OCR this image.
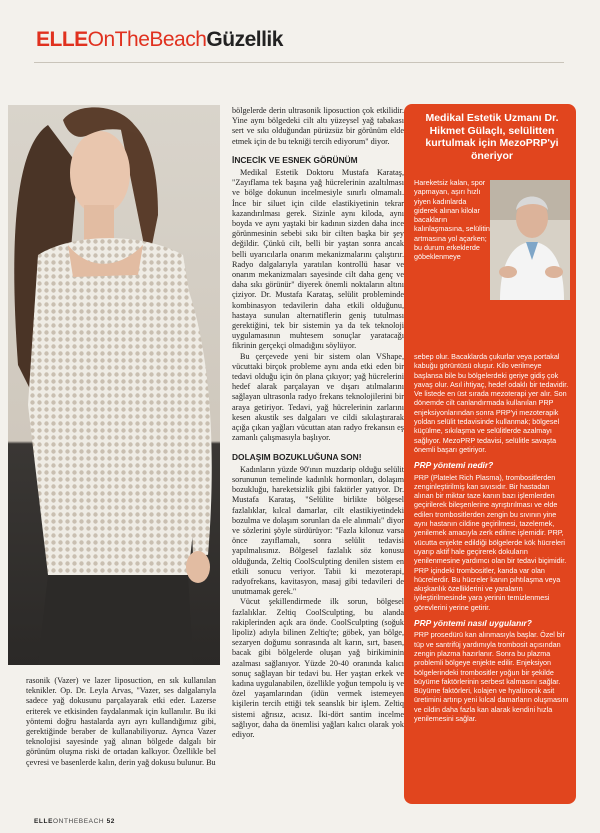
ELLEOnTheBeachGüzellik

rasonik (Vazer) ve lazer liposuction, en sık kullanılan teknikler. Op. Dr. Leyla Arvas, "Vazer, ses dalgalarıyla sadece yağ dokusunu parçalayarak etki eder. Lazerse eriterek ve etkisinden faydalanmak için kullanılır. Bu iki yöntemi doğru hastalarda ayrı ayrı kullandığımız gibi, gerektiğinde beraber de kullanabiliyoruz. Ayrıca Vazer teknolojisi sayesinde yağ alınan bölgede dalgalı bir görünüm oluşma riski de ortadan kalkıyor. Özellikle bel çevresi ve basenlerde kalın, derin yağ dokusu bulunur. Bu

bölgelerde derin ultrasonik liposuction çok etkilidir. Yine aynı bölgedeki cilt altı yüzeysel yağ tabakası sert ve sıkı olduğundan pürüzsüz bir görünüm elde etmek için de bu tekniği tercih ediyorum" diyor.

İNCECİK VE ESNEK GÖRÜNÜM

Medikal Estetik Doktoru Mustafa Karataş, "Zayıflama tek başına yağ hücrelerinin azaltılması ve bölge dokunun incelmesiyle sınırlı olmamalı. İnce bir siluet için cilde elastikiyetinin tekrar kazandırılması gerek. Sizinle aynı kiloda, aynı boyda ve aynı yaştaki bir kadının sizden daha ince görünmesinin sebebi sıkı bir cilten başka bir şey değildir. Çünkü cilt, belli bir yaştan sonra ancak belli uyarıcılarla onarım mekanizmalarını çalıştırır. Radyo dalgalarıyla yaratılan kontrollü hasar ve onarım mekanizmaları sayesinde cilt daha genç ve daha sıkı görünür" diyerek önemli noktaların altını çiziyor. Dr. Mustafa Karataş, selülit probleminde kombinasyon tedavilerin daha etkili olduğunu, hastaya sunulan alternatiflerin geniş tutulması gerektiğini, tek bir sistemin ya da tek teknoloji uygulamasının muhtesem sonuçlar yaratacağı fikrinin gerçekçi olmadığını söylüyor.

Bu çerçevede yeni bir sistem olan VShape, vücuttaki birçok probleme aynı anda etki eden bir tedavi olduğu için ön plana çıkıyor; yağ hücrelerini hedef alarak parçalayan ve dışarı atılmalarını sağlayan ultrasonla radyo frekans teknolojilerini bir araya getiriyor. Tedavi, yağ hücrelerinin zarlarını kesen akustik ses dalgaları ve cildi sıkılaştırarak açığa çıkan yağları vücuttan atan radyo frekansın eş zamanlı çalışmasıyla başlıyor.

DOLAŞIM BOZUKLUĞUNA SON!

Kadınların yüzde 90'ının muzdarip olduğu selülit sorununun temelinde kadınlık hormonları, dolaşım bozukluğu, hareketsizlik gibi faktörler yatıyor. Dr. Mustafa Karataş, "Selülite birlikte bölgesel fazlalıklar, kılcal damarlar, cilt elastikiyetindeki bozulma ve dolaşım sorunları da ele alınmalı" diyor ve sözlerini şöyle sürdürüyor: "Fazla kilonuz varsa önce zayıflamalı, sonra selülit tedavisi yapılmalısınız. Bölgesel fazlalık söz konusu olduğunda, Zeltiq CoolSculpting denilen sistem en etkili sonucu veriyor. Tabii ki mezoterapi, radyofrekans, kavitasyon, masaj gibi tedavileri de unutmamak gerek."

Vücut şekillendirmede ilk sorun, bölgesel fazlalıklar. Zeltiq CoolSculpting, bu alanda rakiplerinden açık ara önde. CoolSculpting (soğuk lipoliz) adıyla bilinen Zeltiq'te; göbek, yan bölge, sezaryen doğumu sonrasında alt karın, sırt, basen, bacak gibi bölgelerde oluşan yağ birikiminin azalması sağlanıyor. Yüzde 20-40 oranında kalıcı sonuç sağlayan bir tedavi bu. Her yaştan erkek ve kadına uygulanabilen, özellikle yoğun tempolu iş ve özel yaşamlarından (idün vermek istemeyen kişilerin tercih ettiği tek seanslık bir işlem. Zeltiq sistemi ağrısız, acısız. İki-dört santim incelme sağlıyor, daha da önemlisi yağları kalıcı olarak yok ediyor.

Medikal Estetik Uzmanı Dr. Hikmet Gülaçlı, selülitten kurtulmak için MezoPRP'yi öneriyor
Hareketsiz kalan, spor yapmayan, aşırı hızlı yiyen kadınlarda giderek alınan kilolar bacakların kalınlaşmasına, selülitin artmasına yol açarken; bu durum erkeklerde göbeklenmeye

sebep olur. Bacaklarda çukurlar veya portakal kabuğu görüntüsü oluşur. Kilo verilmeye başlansa bile bu bölgelerdeki geriye gidiş çok yavaş olur. Asıl ihtiyaç, hedef odaklı bir tedavidir. Ve listede en üst sırada mezoterapi yer alır. Son dönemde cilt canlandırmada kullanılan PRP enjeksiyonlarından sonra PRP'yi mezoterapik yoldan selülit tedavisinde kullanmak; bölgesel küçülme, sıkılaşma ve selülitlerde azalmayı sağlıyor. MezoPRP tedavisi, selülitle savaşta önemli başarı getiriyor.

PRP yöntemi nedir?

PRP (Platelet Rich Plasma), trombositlerden zenginleştirilmiş kan sıvısıdır. Bir hastadan alınan bir miktar taze kanın bazı işlemlerden geçirilerek bileşenlerine ayrıştırılması ve elde edilen trombositlerden zengin bu sıvının yine aynı hastanın cildine geçirilmesi, tazelemek, yenilemek amacıyla zerk edilme işlemidir. PRP, vücutta enjekte edildiği bölgelerde kök hücreleri uyarıp aktif hale geçirerek dokuların yenilenmesine yardımcı olan bir tedavi biçimidir. PRP içindeki trombositler, kanda var olan hücrelerdir. Bu hücreler kanın pıhtılaşma veya akışkanlık özelliklerini ve yaraların iyileştirilmesinde yara yerinin temizlenmesi görevlerini yerine getirir.

PRP yöntemi nasıl uygulanır?

PRP prosedürü kan alınmasıyla başlar. Özel bir tüp ve santrifüj yardımıyla trombosit açısından zengin plazma hazırlanır. Sonra bu plazma problemli bölgeye enjekte edilir. Enjeksiyon bölgelerindeki trombositler yoğun bir şekilde büyüme faktörlerinin serbest kalmasını sağlar. Büyüme faktörleri, kolajen ve hyalüronik asit üretimini artırıp yeni kılcal damarların oluşmasını ve cildin daha fazla kan alarak kendini hızla yenilemesini sağlar.

ELLEONTHEBEACH 52
